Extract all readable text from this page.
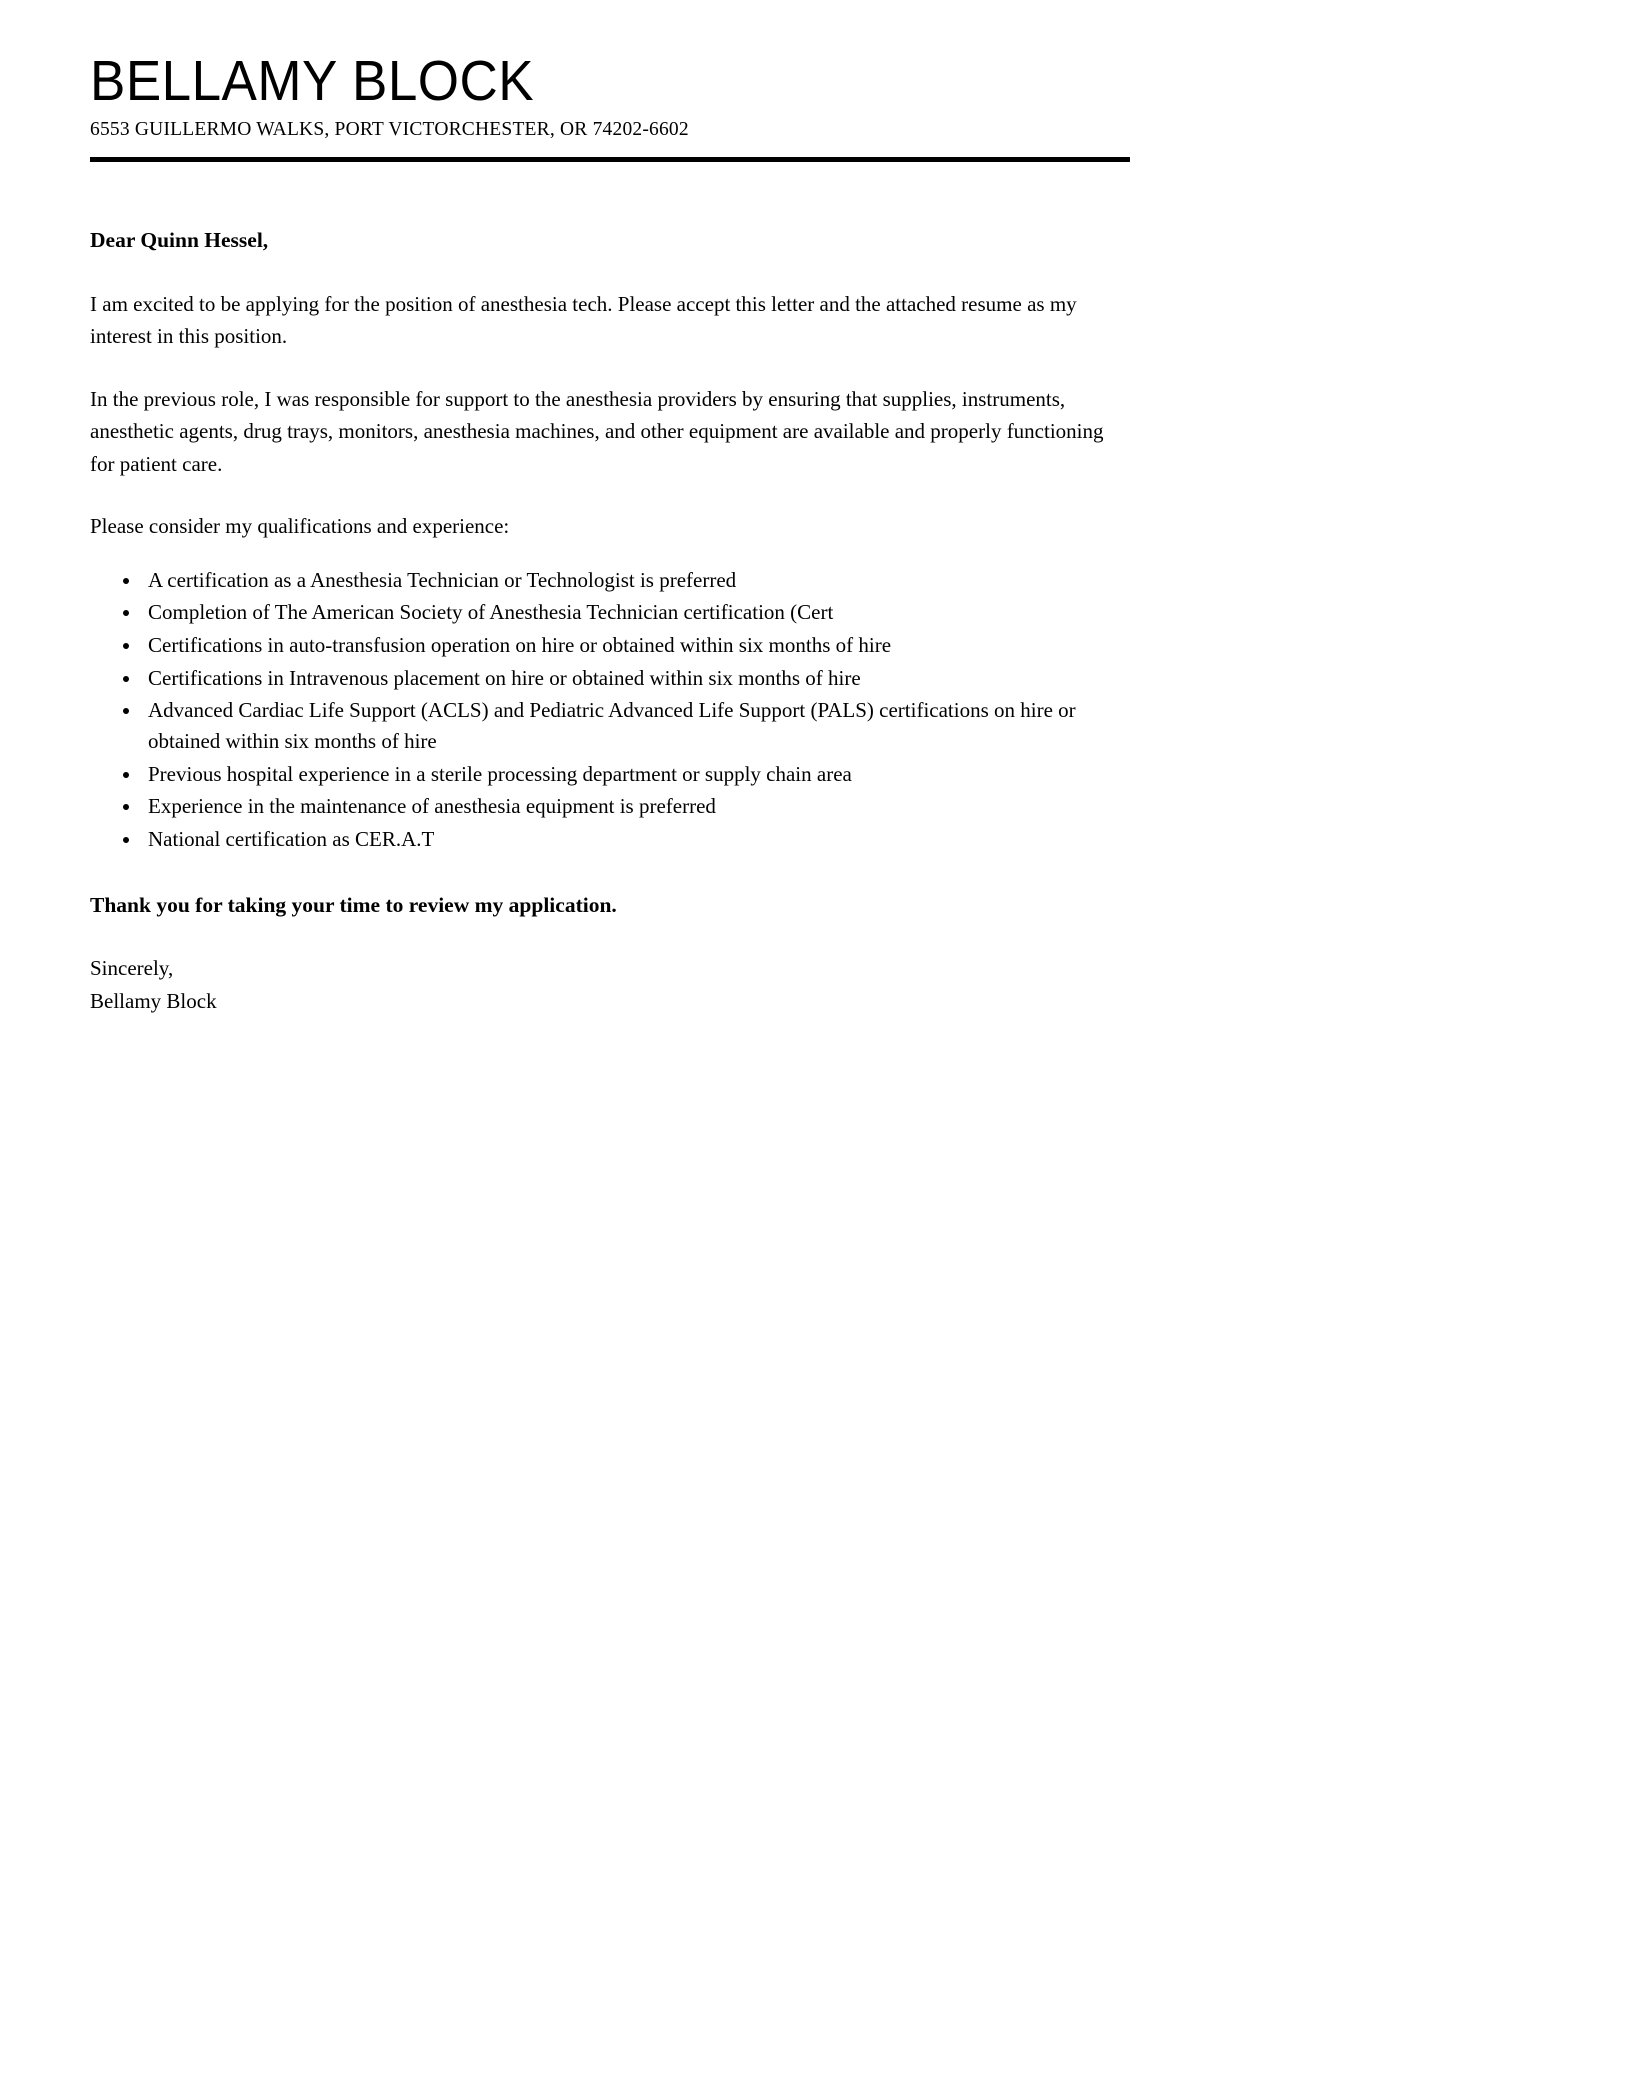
BELLAMY BLOCK

6553 GUILLERMO WALKS, PORT VICTORCHESTER, OR 74202-6602

Dear Quinn Hessel,

I am excited to be applying for the position of anesthesia tech. Please accept this letter and the attached resume as my interest in this position.

In the previous role, I was responsible for support to the anesthesia providers by ensuring that supplies, instruments, anesthetic agents, drug trays, monitors, anesthesia machines, and other equipment are available and properly functioning for patient care.

Please consider my qualifications and experience:

• A certification as a Anesthesia Technician or Technologist is preferred
• Completion of The American Society of Anesthesia Technician certification (Cert
• Certifications in auto-transfusion operation on hire or obtained within six months of hire
• Certifications in Intravenous placement on hire or obtained within six months of hire
• Advanced Cardiac Life Support (ACLS) and Pediatric Advanced Life Support (PALS) certifications on hire or obtained within six months of hire
• Previous hospital experience in a sterile processing department or supply chain area
• Experience in the maintenance of anesthesia equipment is preferred
• National certification as CER.A.T

Thank you for taking your time to review my application.

Sincerely,
Bellamy Block
